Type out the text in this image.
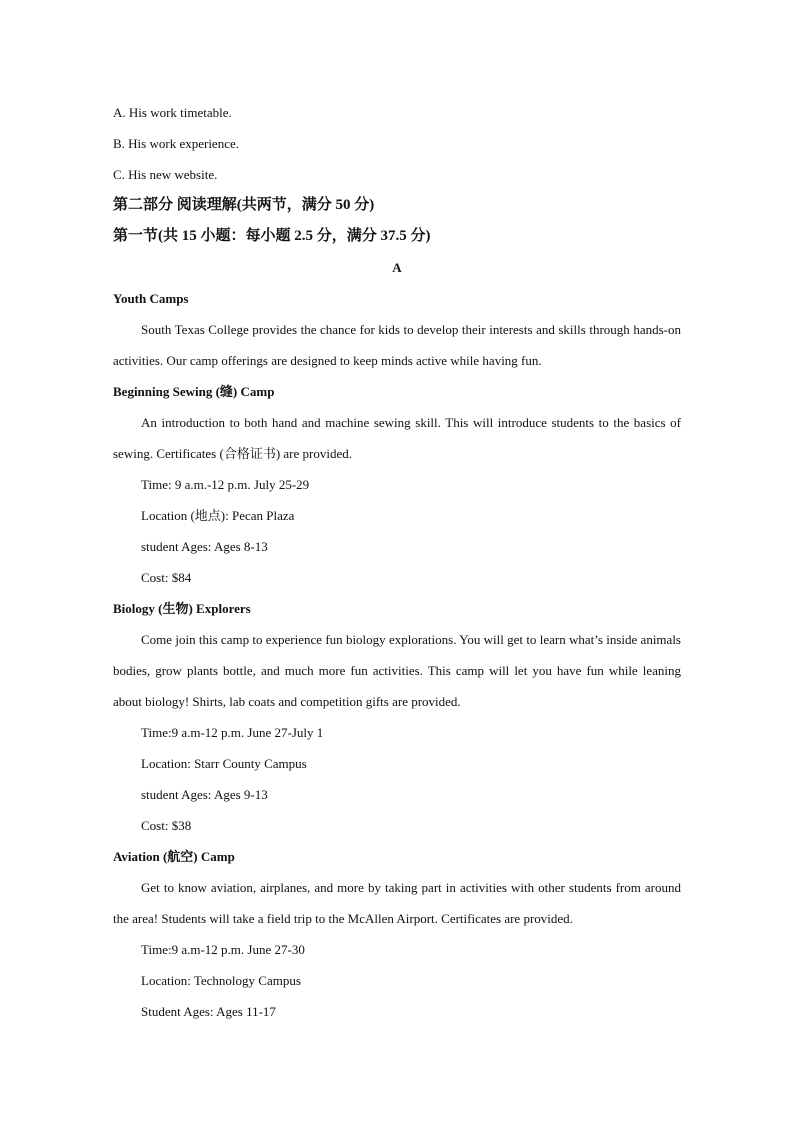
A. His work timetable.
B. His work experience.
C. His new website.
第二部分 阅读理解(共两节，满分 50 分)
第一节(共 15 小题：每小题 2.5 分，满分 37.5 分)
A
Youth Camps
South Texas College provides the chance for kids to develop their interests and skills through hands-on activities. Our camp offerings are designed to keep minds active while having fun.
Beginning Sewing (缝) Camp
An introduction to both hand and machine sewing skill. This will introduce students to the basics of sewing. Certificates (合格证书) are provided.
Time: 9 a.m.-12 p.m. July 25-29
Location (地点): Pecan Plaza
student Ages: Ages 8-13
Cost: $84
Biology (生物) Explorers
Come join this camp to experience fun biology explorations. You will get to learn what’s inside animals bodies, grow plants bottle, and much more fun activities. This camp will let you have fun while leaning about biology! Shirts, lab coats and competition gifts are provided.
Time:9 a.m-12 p.m. June 27-July 1
Location: Starr County Campus
student Ages: Ages 9-13
Cost: $38
Aviation (航空) Camp
Get to know aviation, airplanes, and more by taking part in activities with other students from around the area! Students will take a field trip to the McAllen Airport. Certificates are provided.
Time:9 a.m-12 p.m. June 27-30
Location: Technology Campus
Student Ages: Ages 11-17
